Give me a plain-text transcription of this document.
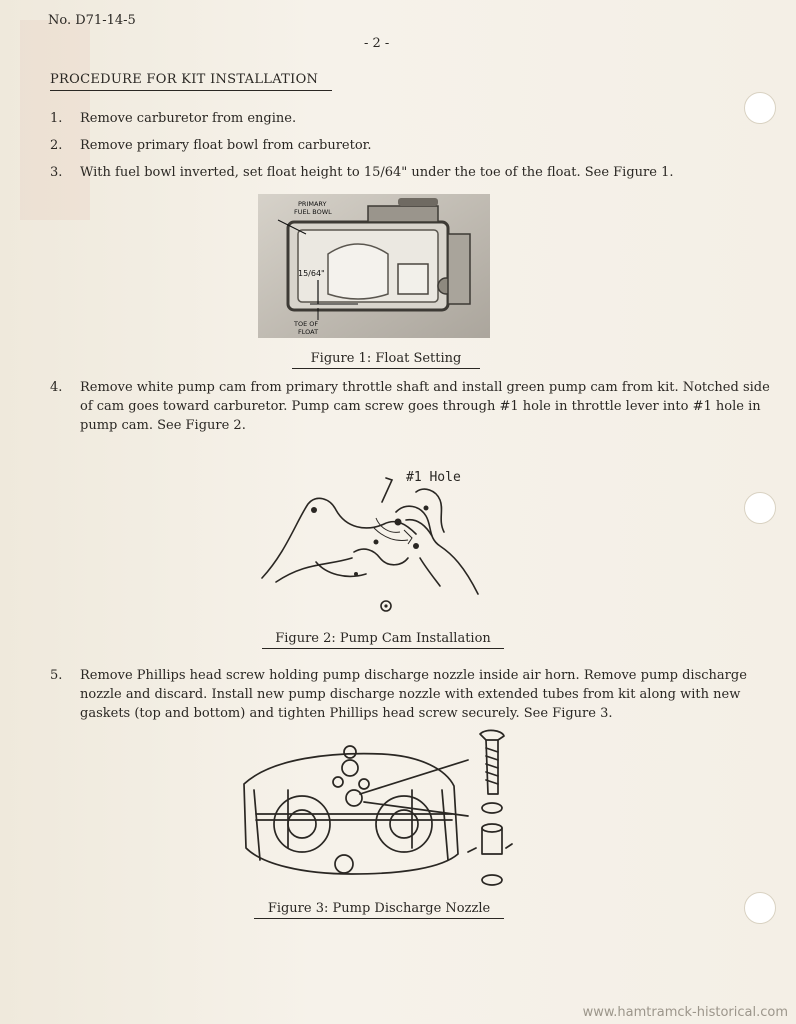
No. D71-14-5
- 2 -
PROCEDURE FOR KIT INSTALLATION
1.	Remove carburetor from engine.
2.	Remove primary float bowl from carburetor.
3.	With fuel bowl inverted, set float height to 15/64" under the toe of the float. See Figure 1.
PRIMARY
FUEL BOWL
15/64"
TOE OF
FLOAT
Figure 1: Float Setting
4.	Remove white pump cam from primary throttle shaft and install green pump cam from kit. Notched side of cam goes toward carburetor. Pump cam screw goes through #1 hole in throttle lever into #1 hole in pump cam. See Figure 2.
#1 Hole
Figure 2: Pump Cam Installation
5.	Remove Phillips head screw holding pump discharge nozzle inside air horn. Remove pump discharge nozzle and discard. Install new pump discharge nozzle with extended tubes from kit along with new gaskets (top and bottom) and tighten Phillips head screw securely. See Figure 3.
Figure 3: Pump Discharge Nozzle
www.hamtramck-historical.com
